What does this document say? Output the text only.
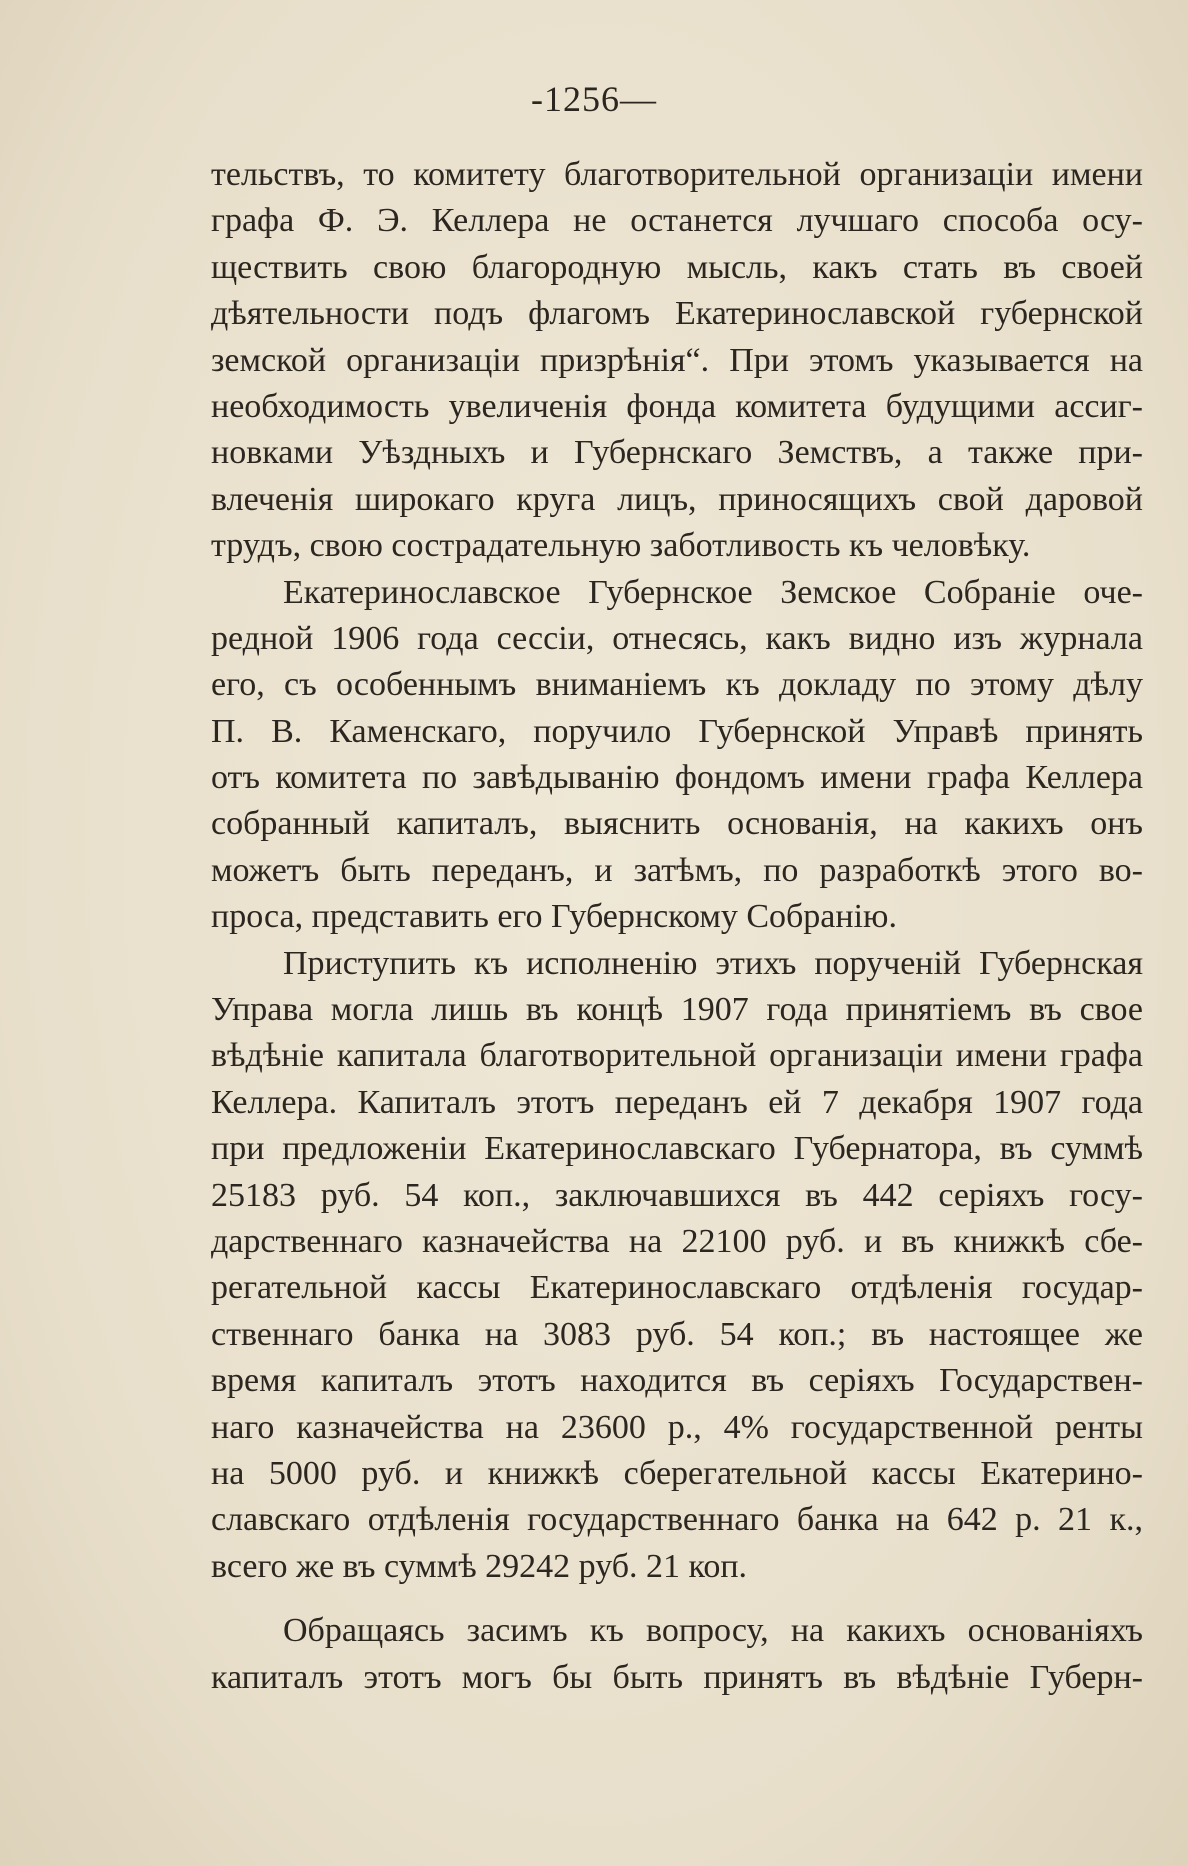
-1256—
тельствъ, то комитету благотворительной организаціи имени
графа Ф. Э. Келлера не останется лучшаго способа осу-
ществить свою благородную мысль, какъ стать въ своей
дѣятельности подъ флагомъ Екатеринославской губернской
земской организаціи призрѣнія“. При этомъ указывается на
необходимость увеличенія фонда комитета будущими ассиг-
новками Уѣздныхъ и Губернскаго Земствъ, а также при-
влеченія широкаго круга лицъ, приносящихъ свой даровой
трудъ, свою сострадательную заботливость къ человѣку.
Екатеринославское Губернское Земское Собраніе оче-
редной 1906 года сессіи, отнесясь, какъ видно изъ журнала
его, съ особеннымъ вниманіемъ къ докладу по этому дѣлу
П. В. Каменскаго, поручило Губернской Управѣ принять
отъ комитета по завѣдыванію фондомъ имени графа Келлера
собранный капиталъ, выяснить основанія, на какихъ онъ
можетъ быть переданъ, и затѣмъ, по разработкѣ этого во-
проса, представить его Губернскому Собранію.
Приступить къ исполненію этихъ порученій Губернская
Управа могла лишь въ концѣ 1907 года принятіемъ въ свое
вѣдѣніе капитала благотворительной организаціи имени графа
Келлера. Капиталъ этотъ переданъ ей 7 декабря 1907 года
при предложеніи Екатеринославскаго Губернатора, въ суммѣ
25183 руб. 54 коп., заключавшихся въ 442 серіяхъ госу-
дарственнаго казначейства на 22100 руб. и въ книжкѣ сбе-
регательной кассы Екатеринославскаго отдѣленія государ-
ственнаго банка на 3083 руб. 54 коп.; въ настоящее же
время капиталъ этотъ находится въ серіяхъ Государствен-
наго казначейства на 23600 р., 4% государственной ренты
на 5000 руб. и книжкѣ сберегательной кассы Екатерино-
славскаго отдѣленія государственнаго банка на 642 р. 21 к.,
всего же въ суммѣ 29242 руб. 21 коп.
Обращаясь засимъ къ вопросу, на какихъ основаніяхъ
капиталъ этотъ могъ бы быть принятъ въ вѣдѣніе Губерн-
